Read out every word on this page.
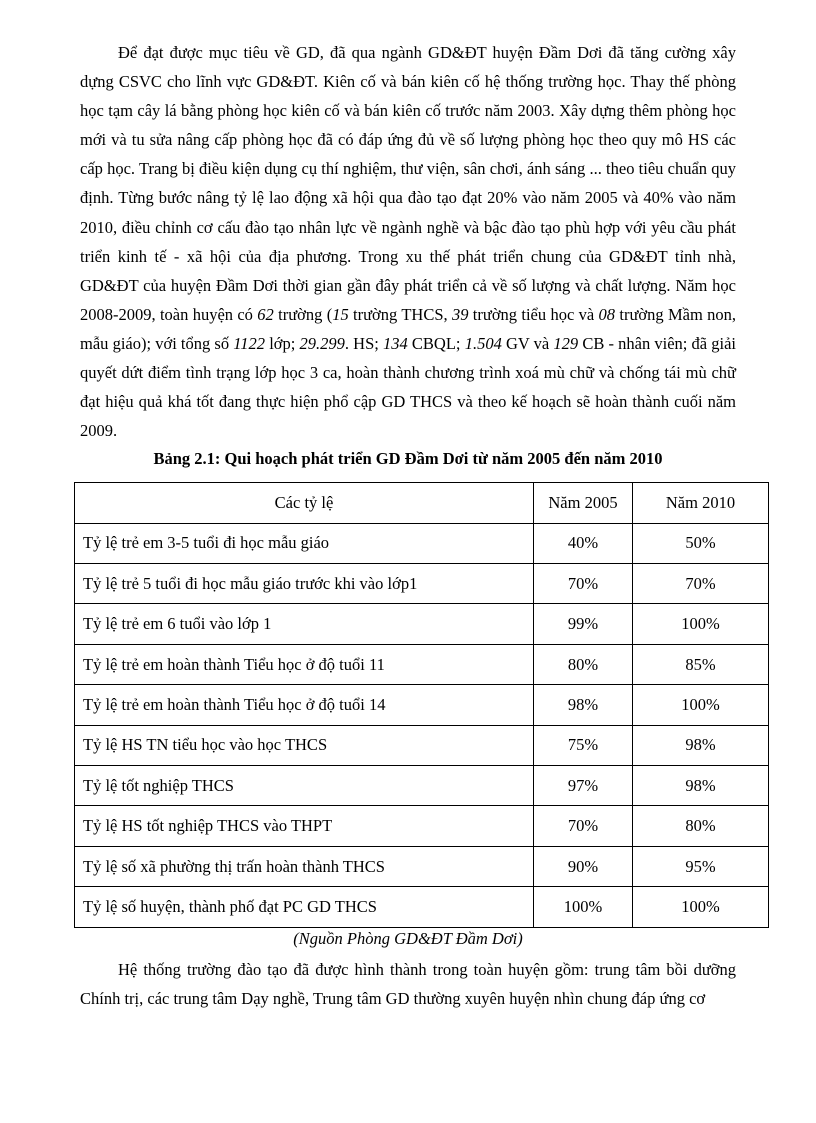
Để đạt được mục tiêu về GD, đã qua ngành GD&ĐT huyện Đầm Dơi đã tăng cường xây dựng CSVC cho lĩnh vực GD&ĐT. Kiên cố và bán kiên cố hệ thống trường học. Thay thế phòng học tạm cây lá bằng phòng học kiên cố và bán kiên cố trước năm 2003. Xây dựng thêm phòng học mới và tu sửa nâng cấp phòng học đã có đáp ứng đủ về số lượng phòng học theo quy mô HS các cấp học. Trang bị điều kiện dụng cụ thí nghiệm, thư viện, sân chơi, ánh sáng ... theo tiêu chuẩn quy định. Từng bước nâng tỷ lệ lao động xã hội qua đào tạo đạt 20% vào năm 2005 và 40% vào năm 2010, điều chỉnh cơ cấu đào tạo nhân lực về ngành nghề và bậc đào tạo phù hợp với yêu cầu phát triển kinh tế - xã hội của địa phương. Trong xu thế phát triển chung của GD&ĐT tỉnh nhà, GD&ĐT của huyện Đầm Dơi thời gian gần đây phát triển cả về số lượng và chất lượng. Năm học 2008-2009, toàn huyện có 62 trường (15 trường THCS, 39 trường tiểu học và 08 trường Mầm non, mẫu giáo); với tổng số 1122 lớp; 29.299. HS; 134 CBQL; 1.504 GV và 129 CB - nhân viên; đã giải quyết dứt điểm tình trạng lớp học 3 ca, hoàn thành chương trình xoá mù chữ và chống tái mù chữ đạt hiệu quả khá tốt đang thực hiện phổ cập GD THCS và theo kế hoạch sẽ hoàn thành cuối năm 2009.

Bảng 2.1: Qui hoạch phát triển GD Đầm Dơi từ năm 2005 đến năm 2010
Các tỷ lệ	Năm 2005	Năm 2010
Tỷ lệ trẻ em 3-5 tuổi đi học mẫu giáo	40%	50%
Tỷ lệ trẻ 5 tuổi đi học mẫu giáo trước khi vào lớp1	70%	70%
Tỷ lệ trẻ em 6 tuổi vào lớp 1	99%	100%
Tỷ lệ trẻ em hoàn thành Tiểu học ở độ tuổi 11	80%	85%
Tỷ lệ trẻ em hoàn thành Tiểu học ở độ tuổi 14	98%	100%
Tỷ lệ HS TN tiểu học vào học THCS	75%	98%
Tỷ lệ tốt nghiệp THCS	97%	98%
Tỷ lệ HS tốt nghiệp THCS vào THPT	70%	80%
Tỷ lệ số xã phường thị trấn hoàn thành THCS	90%	95%
Tỷ lệ số huyện, thành phố đạt PC GD THCS	100%	100%
(Nguồn Phòng GD&ĐT Đầm Dơi)

Hệ thống trường đào tạo đã được hình thành trong toàn huyện gồm: trung tâm bồi dưỡng Chính trị, các trung tâm Dạy nghề, Trung tâm GD thường xuyên huyện nhìn chung đáp ứng cơ
